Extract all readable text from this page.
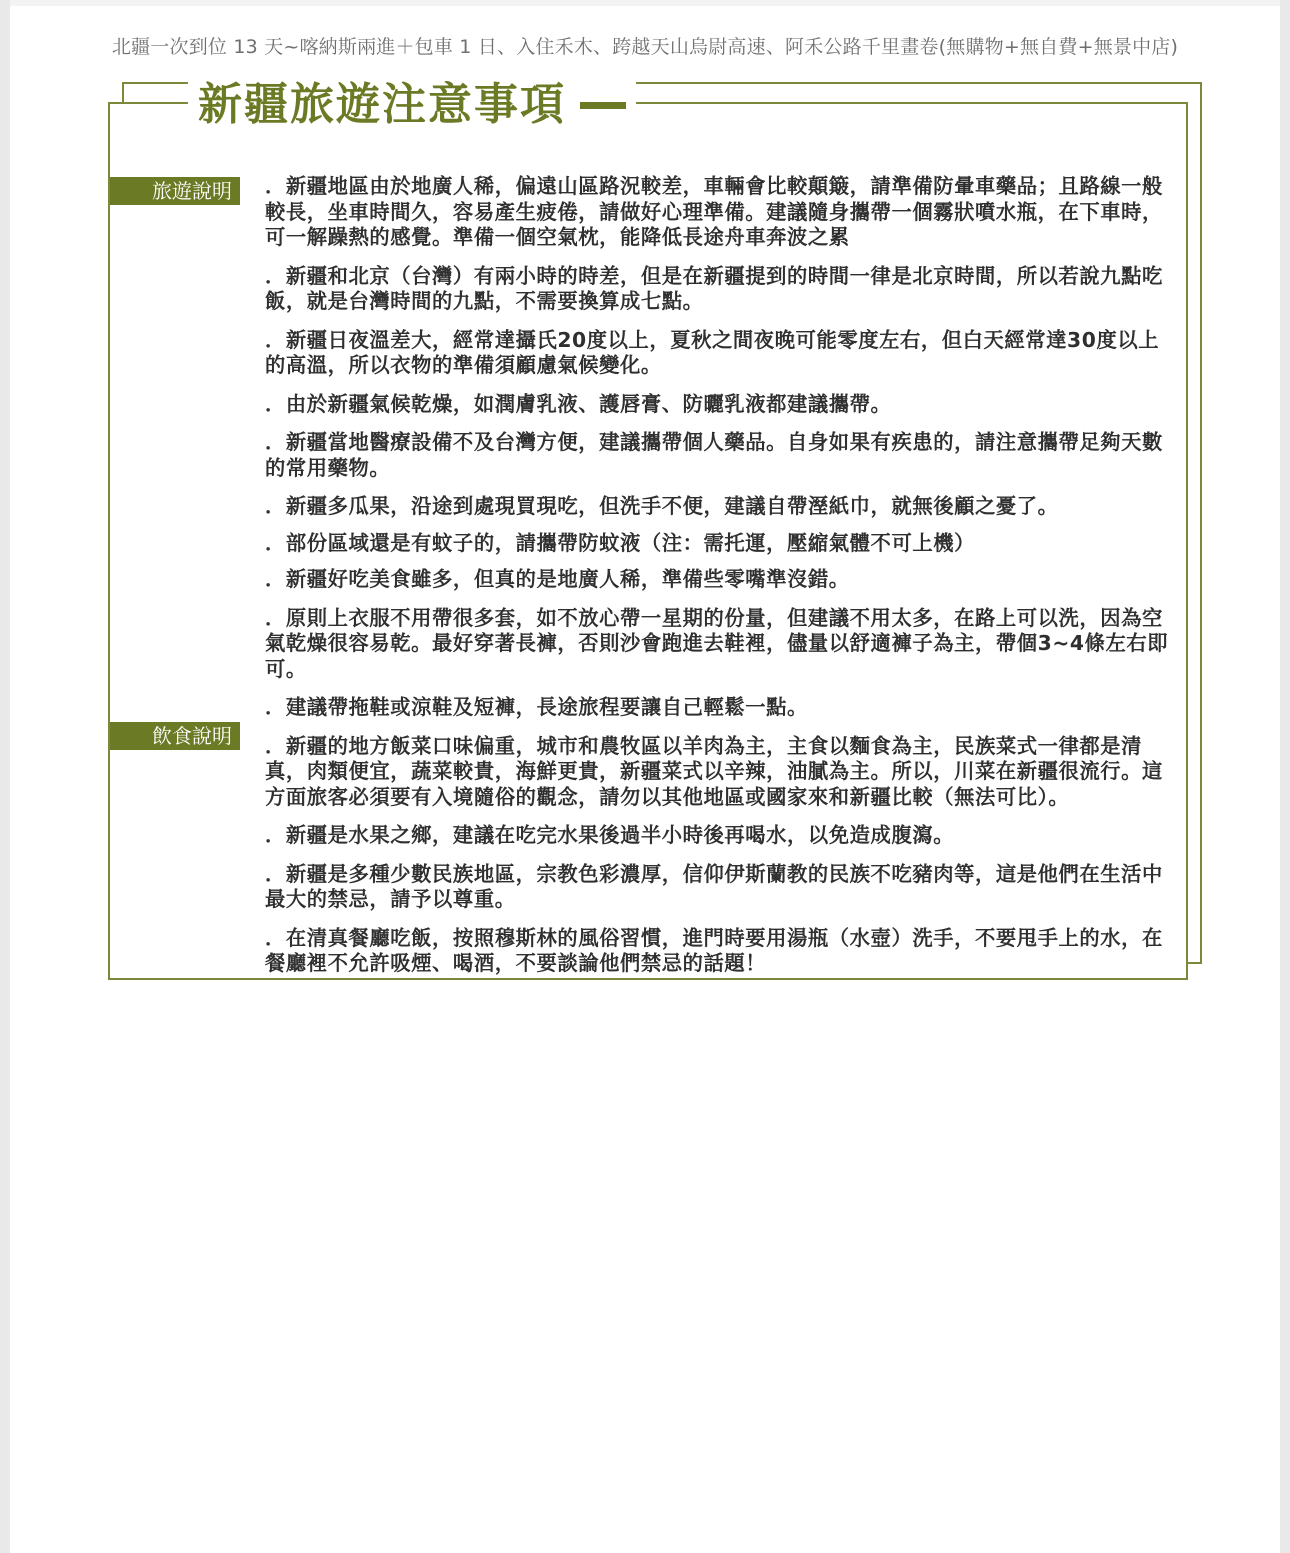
北疆一次到位 13 天~喀納斯兩進＋包車 1 日、入住禾木、跨越天山烏尉高速、阿禾公路千里畫卷(無購物+無自費+無景中店)
旅遊說明
飲食說明

．新疆地區由於地廣人稀，偏遠山區路況較差，車輛會比較顛簸，請準備防暈車藥品；且路線一般較長，坐車時間久，容易產生疲倦，請做好心理準備。建議隨身攜帶一個霧狀噴水瓶，在下車時，可一解躁熱的感覺。準備一個空氣枕，能降低長途舟車奔波之累

．新疆和北京（台灣）有兩小時的時差，但是在新疆提到的時間一律是北京時間，所以若說九點吃飯，就是台灣時間的九點，不需要換算成七點。

．新疆日夜溫差大，經常達攝氏20度以上，夏秋之間夜晚可能零度左右，但白天經常達30度以上的高溫，所以衣物的準備須顧慮氣候變化。

．由於新疆氣候乾燥，如潤膚乳液、護唇膏、防曬乳液都建議攜帶。

．新疆當地醫療設備不及台灣方便，建議攜帶個人藥品。自身如果有疾患的，請注意攜帶足夠天數的常用藥物。

．新疆多瓜果，沿途到處現買現吃，但洗手不便，建議自帶溼紙巾，就無後顧之憂了。

．部份區域還是有蚊子的，請攜帶防蚊液（注：需托運，壓縮氣體不可上機）

．新疆好吃美食雖多，但真的是地廣人稀，準備些零嘴準沒錯。

．原則上衣服不用帶很多套，如不放心帶一星期的份量，但建議不用太多，在路上可以洗，因為空氣乾燥很容易乾。最好穿著長褲，否則沙會跑進去鞋裡，儘量以舒適褲子為主，帶個3~4條左右即可。

．建議帶拖鞋或涼鞋及短褲，長途旅程要讓自己輕鬆一點。

．新疆的地方飯菜口味偏重，城市和農牧區以羊肉為主，主食以麵食為主，民族菜式一律都是清真，肉類便宜，蔬菜較貴，海鮮更貴，新疆菜式以辛辣，油膩為主。所以，川菜在新疆很流行。這方面旅客必須要有入境隨俗的觀念，請勿以其他地區或國家來和新疆比較（無法可比）。

．新疆是水果之鄉，建議在吃完水果後過半小時後再喝水，以免造成腹瀉。

．新疆是多種少數民族地區，宗教色彩濃厚，信仰伊斯蘭教的民族不吃豬肉等，這是他們在生活中最大的禁忌，請予以尊重。

．在清真餐廳吃飯，按照穆斯林的風俗習慣，進門時要用湯瓶（水壺）洗手，不要甩手上的水，在餐廳裡不允許吸煙、喝酒，不要談論他們禁忌的話題！

新疆旅遊注意事項
